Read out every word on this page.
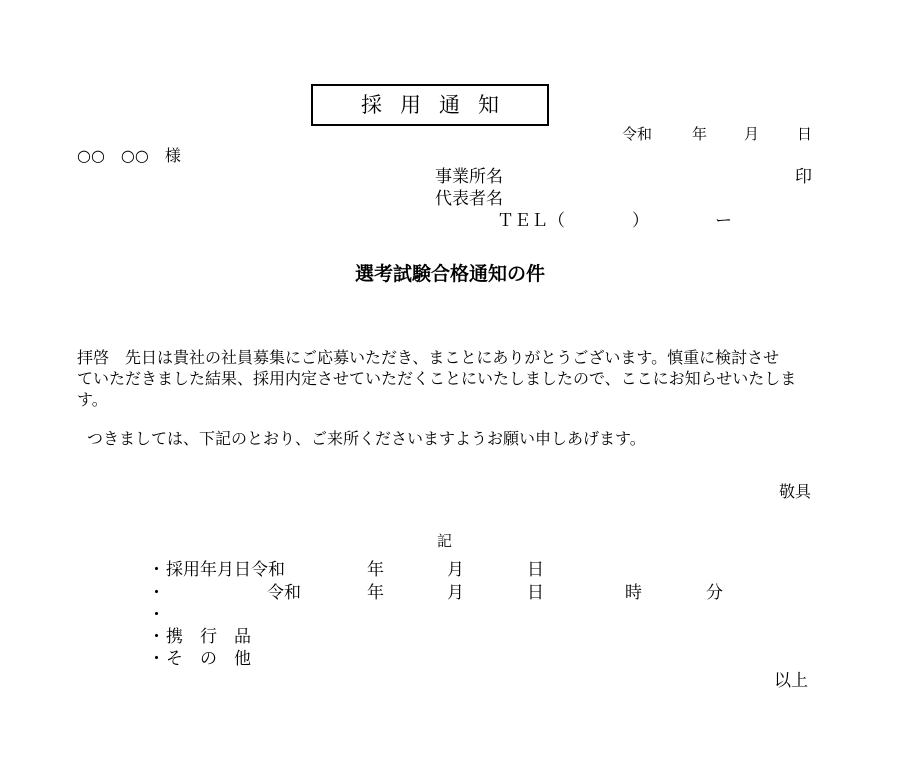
採用通知
令和	年 月	日
○○　○○　様
事業所名	印
代表者名
ＴＥＬ（	）	ー
選考試験合格通知の件
拝啓　先日は貴社の社員募集にご応募いただき、まことにありがとうございます。慎重に検討させ
ていただきました結果、採用内定させていただくことにいたしましたので、ここにお知らせいたしま
す。
つきましては、下記のとおり、ご来所くださいますようお願い申しあげます。
敬具
記
・ 採用年月日 令和	年	月	日
・	令和	年	月	日	時	分
・
・ 携　行　品
・ そ　の　他
以上
